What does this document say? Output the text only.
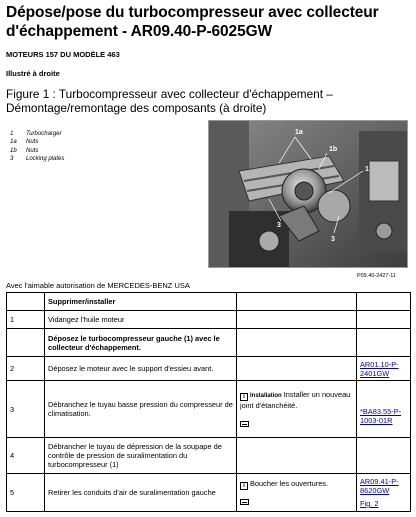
Dépose/pose du turbocompresseur avec collecteur d'échappement - AR09.40-P-6025GW
MOTEURS 157 DU MODÈLE 463
Illustré à droite
Figure 1 : Turbocompresseur avec collecteur d'échappement – Démontage/remontage des composants (à droite)
1	Turbocharger
1a	Nuts
1b	Nuts
3	Locking plates
1a
1b
1
3
3
P09.40-2427-11
Avec l'aimable autorisation de MERCEDES-BENZ USA
	Supprimer/installer		
1	Vidangez l'huile moteur		
	Déposez le turbocompresseur gauche (1) avec le collecteur d'échappement.		
2	Déposez le moteur avec le support d'essieu avant.		AR01.10-P-2401GW
3	Débranchez le tuyau basse pression du compresseur de climatisation.	i Installation Installer un nouveau joint d'étanchéité.	*BA83.55-P-1003-01R
4	Débrancher le tuyau de dépression de la soupape de contrôle de pression de suralimentation du turbocompresseur (1)		
5	Retirer les conduits d'air de suralimentation gauche	i Boucher les ouvertures.	AR09.41-P-8620GW
Fig. 2
